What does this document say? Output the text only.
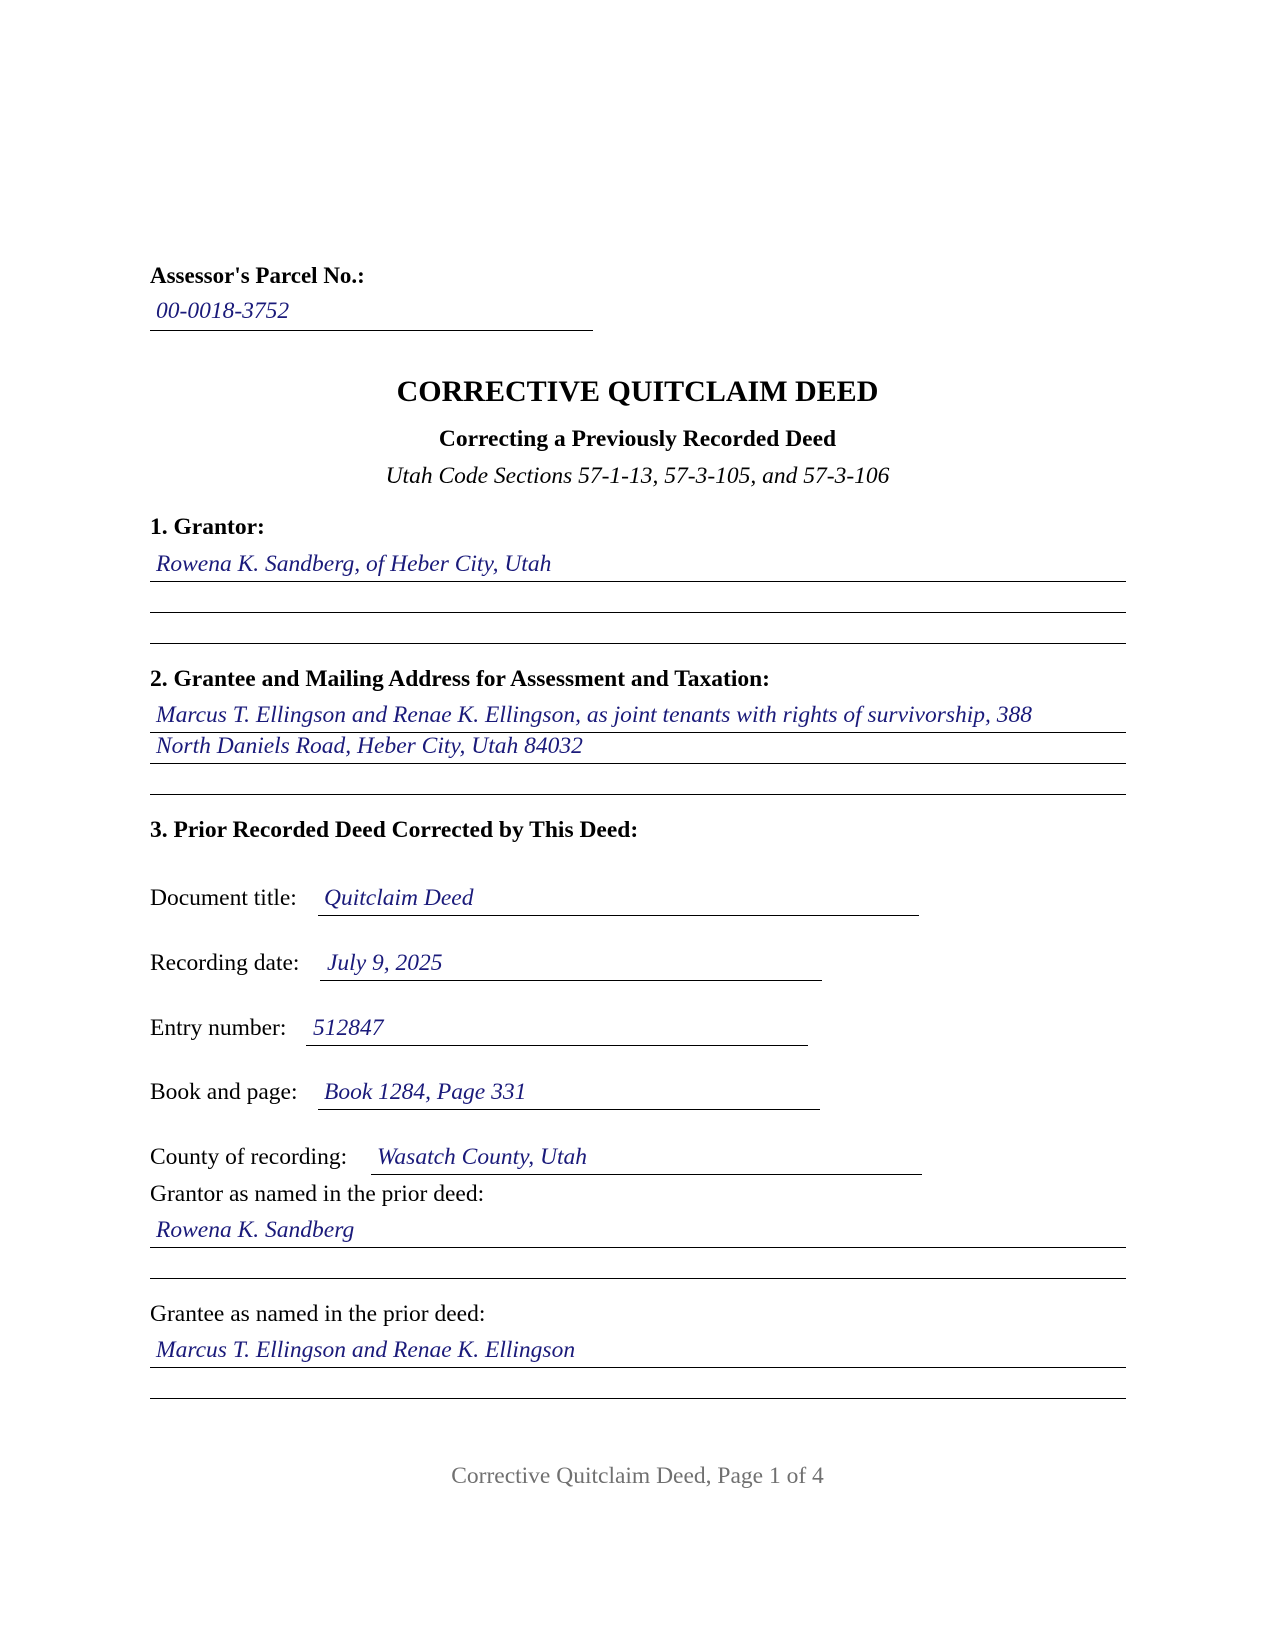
Assessor's Parcel No.:
00-0018-3752
CORRECTIVE QUITCLAIM DEED
Correcting a Previously Recorded Deed
Utah Code Sections 57-1-13, 57-3-105, and 57-3-106
1. Grantor:
Rowena K. Sandberg, of Heber City, Utah
2. Grantee and Mailing Address for Assessment and Taxation:
Marcus T. Ellingson and Renae K. Ellingson, as joint tenants with rights of survivorship, 388
North Daniels Road, Heber City, Utah 84032
3. Prior Recorded Deed Corrected by This Deed:
Document title: Quitclaim Deed
Recording date: July 9, 2025
Entry number: 512847
Book and page: Book 1284, Page 331
County of recording: Wasatch County, Utah
Grantor as named in the prior deed:
Rowena K. Sandberg
Grantee as named in the prior deed:
Marcus T. Ellingson and Renae K. Ellingson
Corrective Quitclaim Deed, Page 1 of 4
